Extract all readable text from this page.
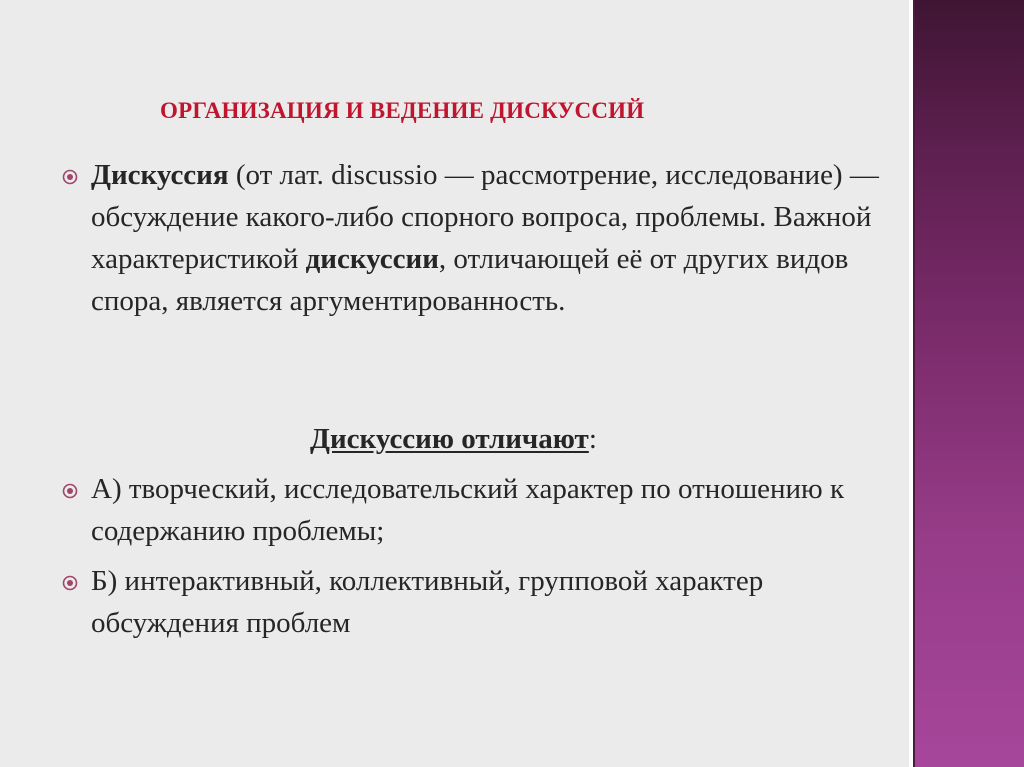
ОРГАНИЗАЦИЯ И ВЕДЕНИЕ ДИСКУССИЙ
Дискуссия (от лат. discussio — рассмотрение, исследование) — обсуждение какого-либо спорного вопроса, проблемы. Важной характеристикой дискуссии, отличающей её от других видов спора, является аргументированность.
Дискуссию отличают:
А) творческий, исследовательский характер по отношению к содержанию проблемы;
Б) интерактивный, коллективный, групповой характер обсуждения проблем
